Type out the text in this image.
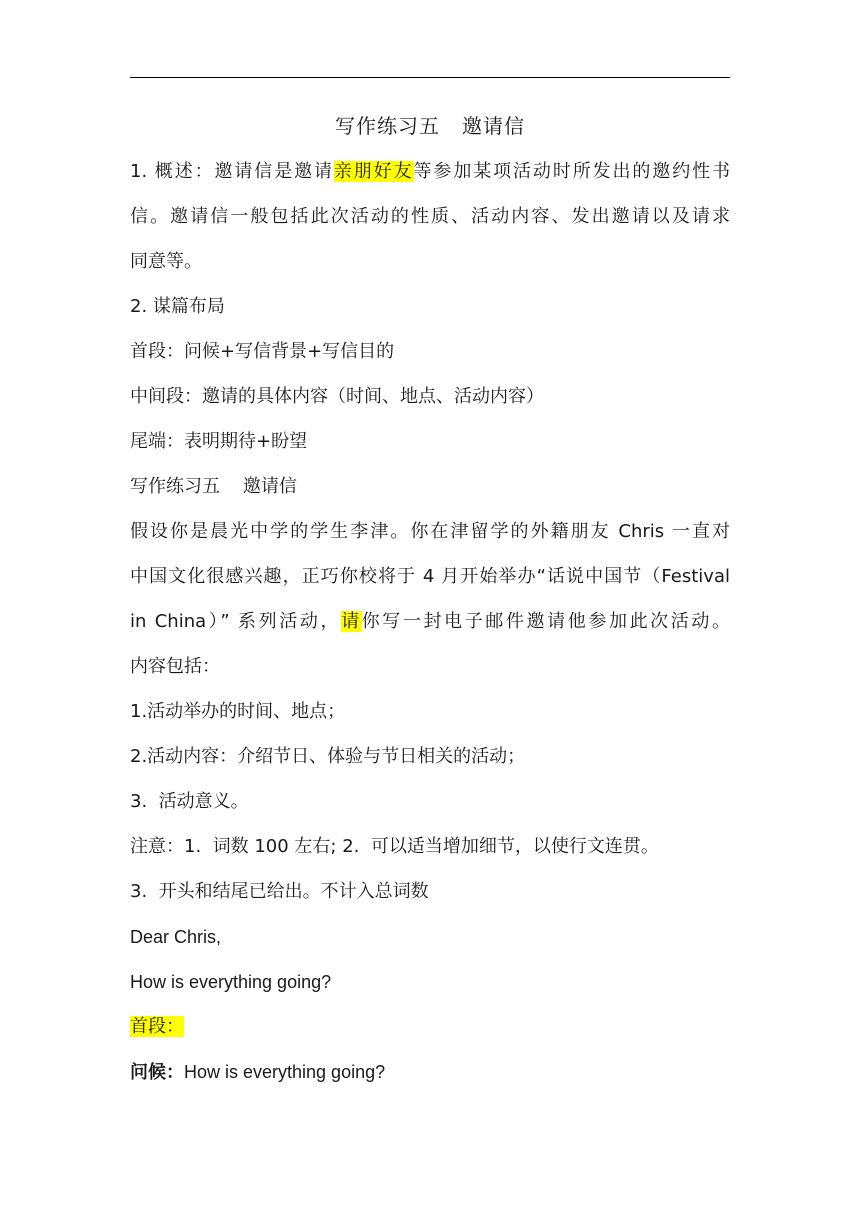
写作练习五 邀请信
1. 概述：邀请信是邀请亲朋好友等参加某项活动时所发出的邀约性书
信。邀请信一般包括此次活动的性质、活动内容、发出邀请以及请求
同意等。
2. 谋篇布局
首段：问候+写信背景+写信目的
中间段：邀请的具体内容（时间、地点、活动内容）
尾端：表明期待+盼望
写作练习五    邀请信
假设你是晨光中学的学生李津。你在津留学的外籍朋友 Chris 一直对
中国文化很感兴趣，正巧你校将于 4 月开始举办“话说中国节（Festival
in China）” 系列活动，请你写一封电子邮件邀请他参加此次活动。
内容包括：
1.活动举办的时间、地点；
2.活动内容：介绍节日、体验与节日相关的活动；
3.  活动意义。
注意：1.  词数 100 左右; 2.  可以适当增加细节，以使行文连贯。
3.  开头和结尾已给出。不计入总词数
Dear Chris,
How is everything going?
首段：
问候：How is everything going?
